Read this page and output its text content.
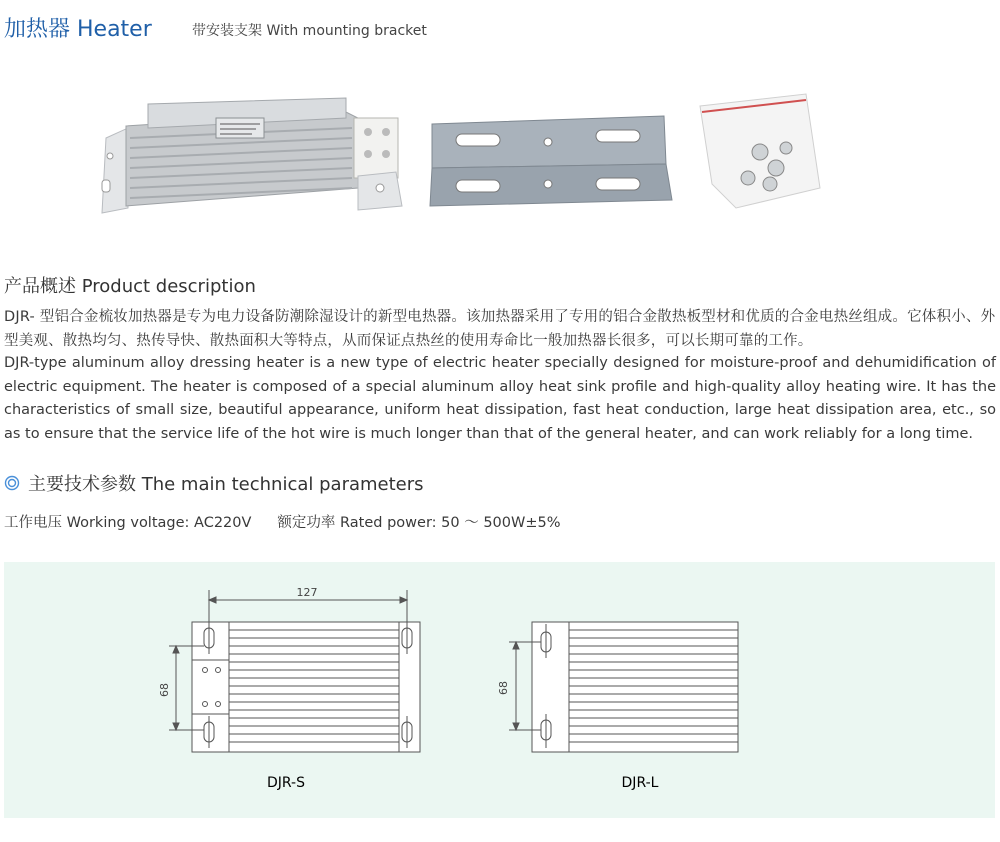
加热器 Heater	带安装支架 With mounting bracket
产品概述 Product description

DJR- 型铝合金梳妆加热器是专为电力设备防潮除湿设计的新型电热器。该加热器采用了专用的铝合金散热板型材和优质的合金电热丝组成。它体积小、外型美观、散热均匀、热传导快、散热面积大等特点，从而保证点热丝的使用寿命比一般加热器长很多，可以长期可靠的工作。

DJR-type aluminum alloy dressing heater is a new type of electric heater specially designed for moisture-proof and dehumidification of electric equipment. The heater is composed of a special aluminum alloy heat sink profile and high-quality alloy heating wire. It has the characteristics of small size, beautiful appearance, uniform heat dissipation, fast heat conduction, large heat dissipation area, etc., so as to ensure that the service life of the hot wire is much longer than that of the general heater, and can work reliably for a long time.

主要技术参数 The main technical parameters
工作电压 Working voltage: AC220V 额定功率 Rated power: 50 ～ 500W±5%
127
68	68
DJR-S	DJR-L
